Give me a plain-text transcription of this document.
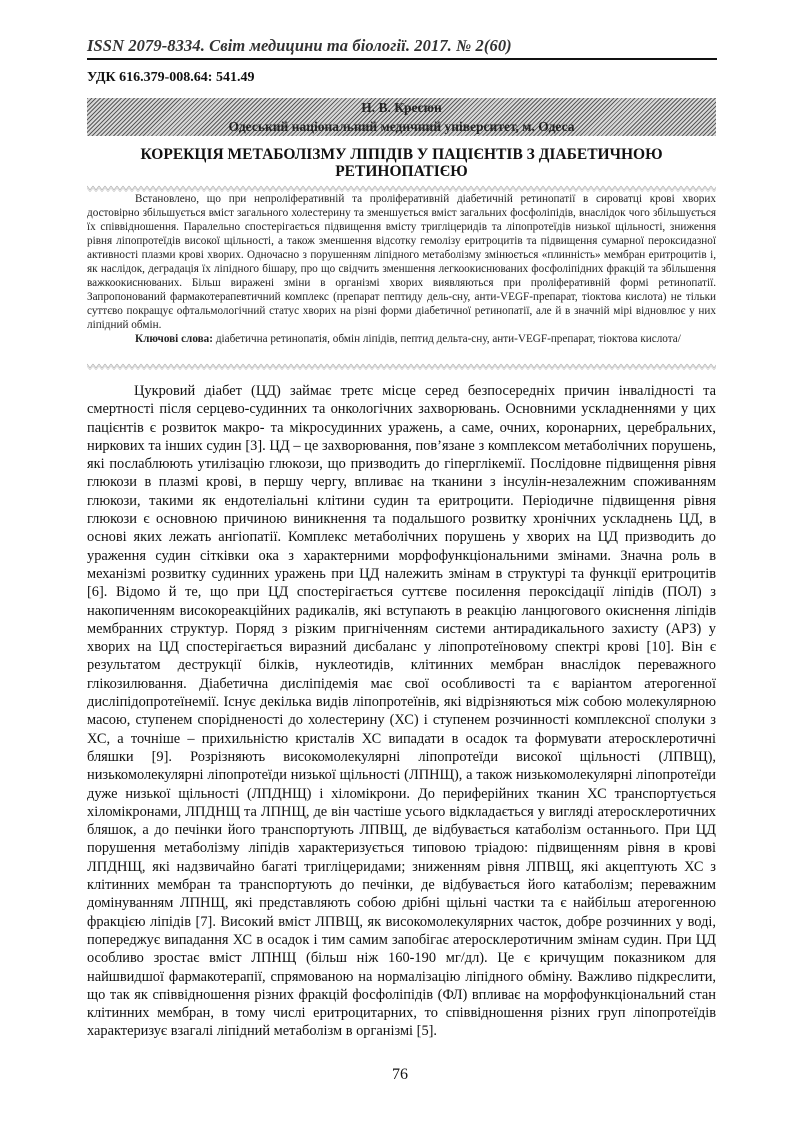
ISSN 2079-8334. Світ медицини та біології. 2017. № 2(60)
УДК 616.379-008.64: 541.49
Н. В. Кресюн
Одеський національний медичний університет, м. Одеса
КОРЕКЦІЯ МЕТАБОЛІЗМУ ЛІПІДІВ У ПАЦІЄНТІВ З ДІАБЕТИЧНОЮ РЕТИНОПАТІЄЮ

Встановлено, що при непроліферативній та проліферативній діабетичній ретинопатії в сироватці крові хворих достовірно збільшується вміст загального холестерину та зменшується вміст загальних фосфоліпідів, внаслідок чого збільшується їх співвідношення. Паралельно спостерігається підвищення вмісту тригліцеридів та ліпопротеїдів низької щільності, зниження рівня ліпопротеїдів високої щільності, а також зменшення відсотку гемолізу еритроцитів та підвищення сумарної пероксидазної активності плазми крові хворих. Одночасно з порушенням ліпідного метаболізму змінюється «плинність» мембран еритроцитів і, як наслідок, деградація їх ліпідного бішару, про що свідчить зменшення легкоокиснюваних фосфоліпідних фракцій та збільшення важкоокиснюваних. Більш виражені зміни в організмі хворих виявляються при проліферативній формі ретинопатії. Запропонований фармакотерапевтичний комплекс (препарат пептиду дель-сну, анти-VEGF-препарат, тіоктова кислота) не тільки суттєво покращує офтальмологічний статус хворих на різні форми діабетичної ретинопатії, але й в значній мірі відновлює у них ліпідний обмін.

Ключові слова: діабетична ретинопатія, обмін ліпідів, пептид дельта-сну, анти-VEGF-препарат, тіоктова кислота/

Цукровий діабет (ЦД) займає третє місце серед безпосередніх причин інвалідності та смертності після серцево-судинних та онкологічних захворювань. Основними ускладненнями у цих пацієнтів є розвиток макро- та мікросудинних уражень, а саме, очних, коронарних, церебральних, ниркових та інших судин [3]. ЦД – це захворювання, пов’язане з комплексом метаболічних порушень, які послаблюють утилізацію глюкози, що призводить до гіперглікемії. Послідовне підвищення рівня глюкози в плазмі крові, в першу чергу, впливає на тканини з інсулін-незалежним споживанням глюкози, такими як ендотеліальні клітини судин та еритроцити. Періодичне підвищення рівня глюкози є основною причиною виникнення та подальшого розвитку хронічних ускладнень ЦД, в основі яких лежать ангіопатії. Комплекс метаболічних порушень у хворих на ЦД призводить до ураження судин сітківки ока з характерними морфофункціональними змінами. Значна роль в механізмі розвитку судинних уражень при ЦД належить змінам в структурі та функції еритроцитів [6]. Відомо й те, що при ЦД спостерігається суттєве посилення пероксідації ліпідів (ПОЛ) з накопиченням високореакційних радикалів, які вступають в реакцію ланцюгового окиснення ліпідів мембранних структур. Поряд з різким пригніченням системи антирадикального захисту (АРЗ) у хворих на ЦД спостерігається виразний дисбаланс у ліпопротеїновому спектрі крові [10]. Він є результатом деструкції білків, нуклеотидів, клітинних мембран внаслідок переважного глікозилювання. Діабетична дисліпідемія має свої особливості та є варіантом атерогенної дисліпідопротеїнемії. Існує декілька видів ліпопротеїнів, які відрізняються між собою молекулярною масою, ступенем спорідненості до холестерину (ХС) і ступенем розчинності комплексної сполуки з ХС, а точніше – прихильністю кристалів ХС випадати в осадок та формувати атеросклеротичні бляшки [9]. Розрізняють високомолекулярні ліпопротеїди високої щільності (ЛПВЩ), низькомолекулярні ліпопротеїди низької щільності (ЛПНЩ), а також низькомолекулярні ліпопротеїди дуже низької щільності (ЛПДНЩ) і хіломікрони. До периферійних тканин ХС транспортується хіломікронами, ЛПДНЩ та ЛПНЩ, де він частіше усього відкладається у вигляді атеросклеротичних бляшок, а до печінки його транспортують ЛПВЩ, де відбувається катаболізм останнього. При ЦД порушення метаболізму ліпідів характеризується типовою тріадою: підвищенням рівня в крові ЛПДНЩ, які надзвичайно багаті тригліцеридами; зниженням рівня ЛПВЩ, які акцептують ХС з клітинних мембран та транспортують до печінки, де відбувається його катаболізм; переважним домінуванням ЛПНЩ, які представляють собою дрібні щільні частки та є найбільш атерогенною фракцією ліпідів [7]. Високий вміст ЛПВЩ, як високомолекулярних часток, добре розчинних у воді, попереджує випадання ХС в осадок і тим самим запобігає атеросклеротичним змінам судин. При ЦД особливо зростає вміст ЛПНЩ (більш ніж 160-190 мг/дл). Це є кричущим показником для найшвидшої фармакотерапії, спрямованою на нормалізацію ліпідного обміну. Важливо підкреслити, що так як співвідношення різних фракцій фосфоліпідів (ФЛ) впливає на морфофункціональний стан клітинних мембран, в тому числі еритроцитарних, то співвідношення різних груп ліпопротеїдів характеризує взагалі ліпідний метаболізм в організмі [5].

76
